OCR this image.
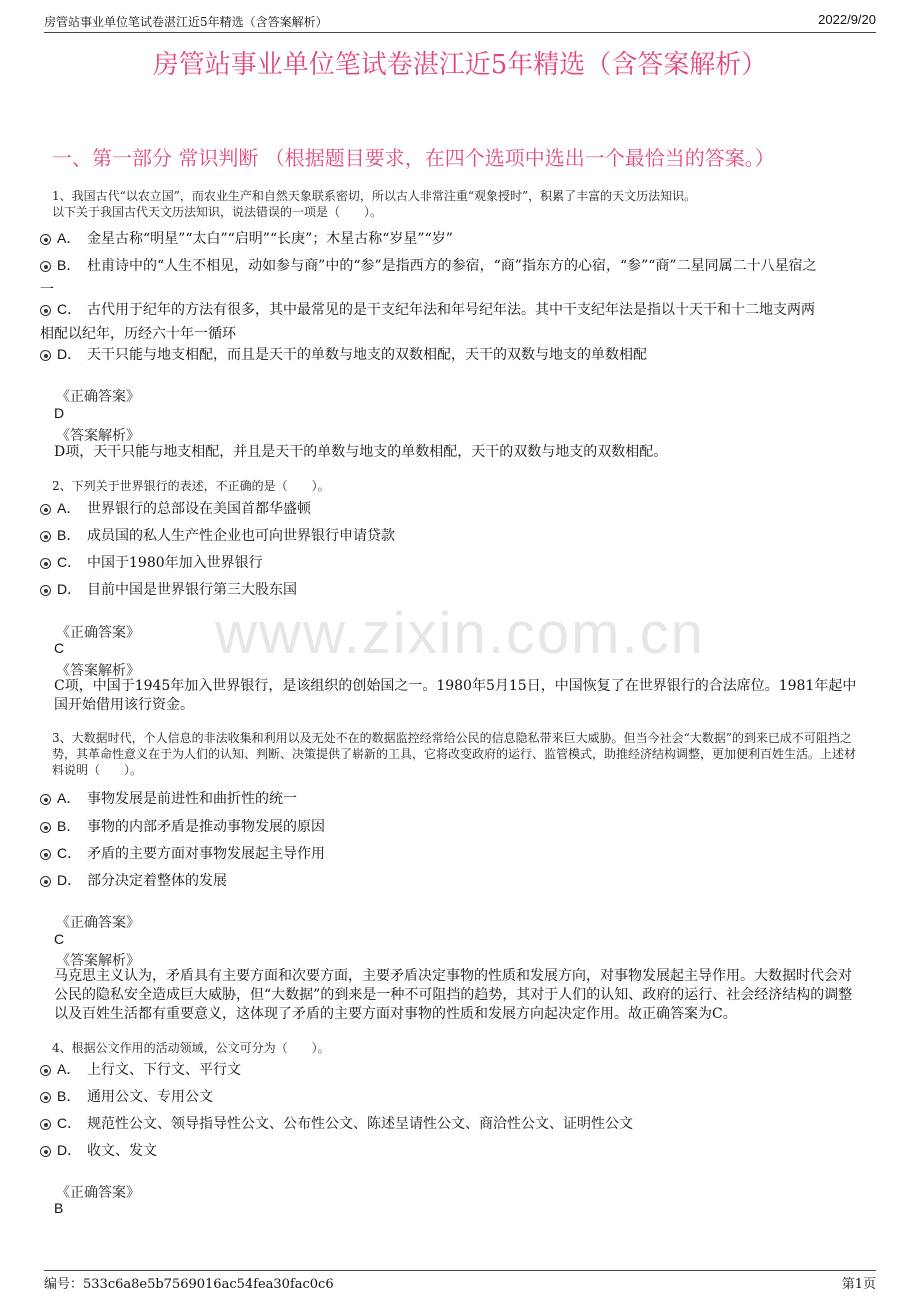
房管站事业单位笔试卷湛江近5年精选（含答案解析）	2022/9/20
房管站事业单位笔试卷湛江近5年精选（含答案解析）
一、第一部分 常识判断 （根据题目要求，在四个选项中选出一个最恰当的答案。）
www.zixin.com.cn
1、我国古代“以农立国”，而农业生产和自然天象联系密切，所以古人非常注重“观象授时”，积累了丰富的天文历法知识。
以下关于我国古代天文历法知识，说法错误的一项是（　　）。
A． 金星古称“明星”“太白”“启明”“长庚”；木星古称“岁星”“岁”
B． 杜甫诗中的“人生不相见，动如参与商”中的“参”是指西方的参宿，“商”指东方的心宿，“参”“商”二星同属二十八星宿之一
C． 古代用于纪年的方法有很多，其中最常见的是干支纪年法和年号纪年法。其中干支纪年法是指以十天干和十二地支两两相配以纪年，历经六十年一循环
D． 天干只能与地支相配，而且是天干的单数与地支的双数相配，天干的双数与地支的单数相配
《正确答案》
D
《答案解析》
D项，天干只能与地支相配，并且是天干的单数与地支的单数相配，天干的双数与地支的双数相配。
2、下列关于世界银行的表述，不正确的是（　　）。
A． 世界银行的总部设在美国首都华盛顿
B． 成员国的私人生产性企业也可向世界银行申请贷款
C． 中国于1980年加入世界银行
D． 目前中国是世界银行第三大股东国
《正确答案》
C
《答案解析》
C项，中国于1945年加入世界银行，是该组织的创始国之一。1980年5月15日，中国恢复了在世界银行的合法席位。1981年起中国开始借用该行资金。
3、大数据时代，个人信息的非法收集和利用以及无处不在的数据监控经常给公民的信息隐私带来巨大威胁。但当今社会“大数据”的到来已成不可阻挡之势，其革命性意义在于为人们的认知、判断、决策提供了崭新的工具，它将改变政府的运行、监管模式，助推经济结构调整，更加便利百姓生活。上述材料说明（　　）。
A． 事物发展是前进性和曲折性的统一
B． 事物的内部矛盾是推动事物发展的原因
C． 矛盾的主要方面对事物发展起主导作用
D． 部分决定着整体的发展
《正确答案》
C
《答案解析》
马克思主义认为，矛盾具有主要方面和次要方面，主要矛盾决定事物的性质和发展方向，对事物发展起主导作用。大数据时代会对公民的隐私安全造成巨大威胁，但“大数据”的到来是一种不可阻挡的趋势，其对于人们的认知、政府的运行、社会经济结构的调整以及百姓生活都有重要意义，这体现了矛盾的主要方面对事物的性质和发展方向起决定作用。故正确答案为C。
4、根据公文作用的活动领域，公文可分为（　　）。
A． 上行文、下行文、平行文
B． 通用公文、专用公文
C． 规范性公文、领导指导性公文、公布性公文、陈述呈请性公文、商洽性公文、证明性公文
D． 收文、发文
《正确答案》
B
编号：533c6a8e5b7569016ac54fea30fac0c6	第1页
